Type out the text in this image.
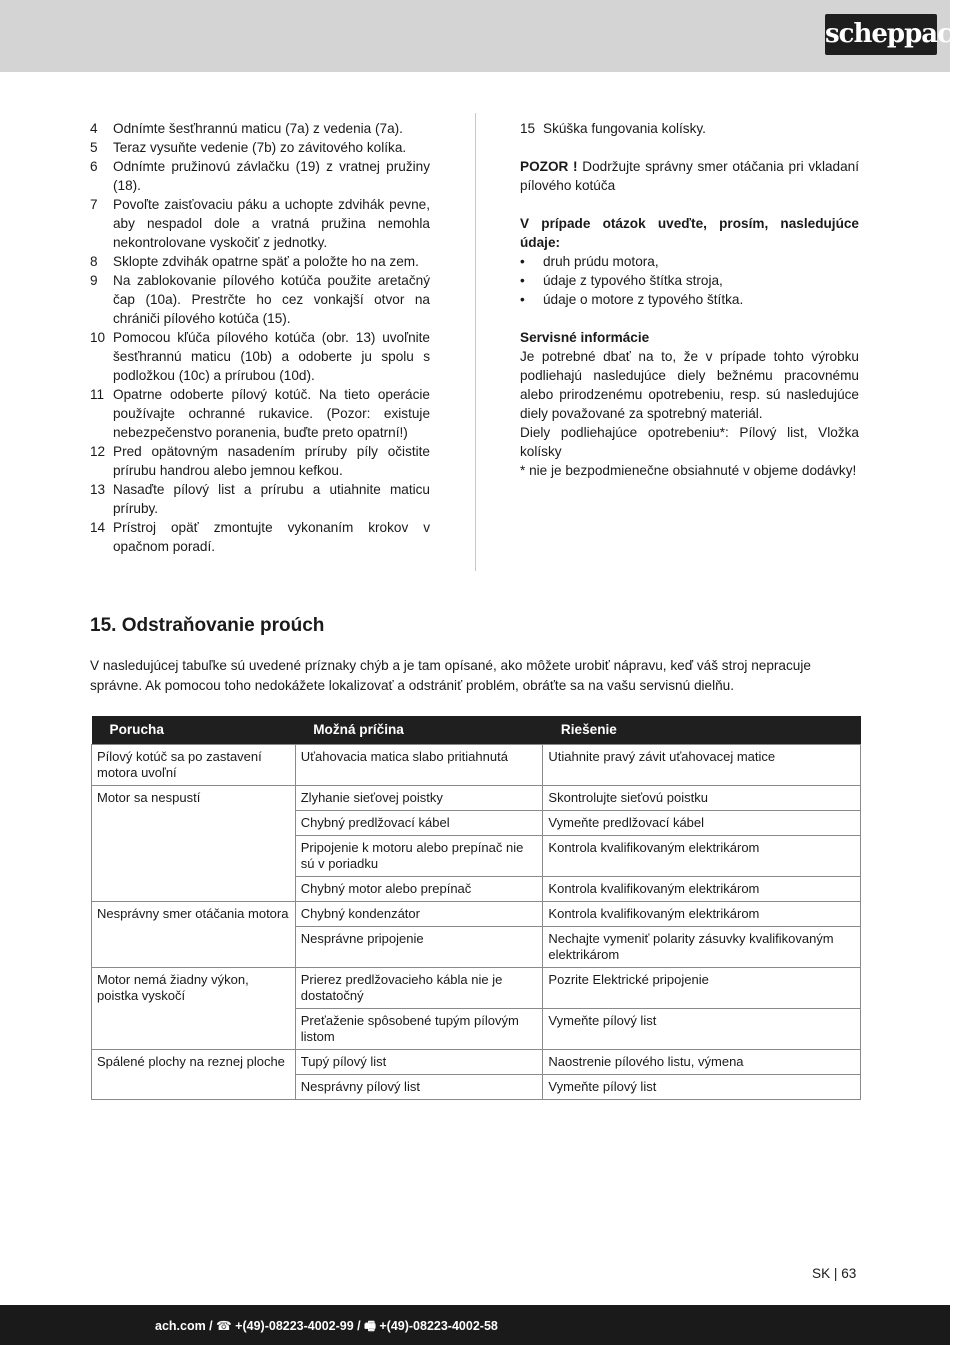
scheppach
4	Odnímte šesťhrannú maticu (7a) z vedenia (7a).
5	Teraz vysuňte vedenie (7b) zo závitového kolíka.
6	Odnímte pružinovú závlačku (19) z vratnej pružiny (18).
7	Povoľte zaisťovaciu páku a uchopte zdvihák pevne, aby nespadol dole a vratná pružina nemohla nekontrolovane vyskočiť z jednotky.
8	Sklopte zdvihák opatrne späť a položte ho na zem.
9	Na zablokovanie pílového kotúča použite aretačný čap (10a). Prestrčte ho cez vonkajší otvor na chrániči pílového kotúča (15).
10 Pomocou kľúča pílového kotúča (obr. 13) uvoľnite šesťhrannú maticu (10b) a odoberte ju spolu s podložkou (10c) a prírubou (10d).
11 Opatrne odoberte pílový kotúč. Na tieto operácie používajte ochranné rukavice. (Pozor: existuje nebezpečenstvo poranenia, buďte preto opatrní!)
12 Pred opätovným nasadením príruby píly očistite prírubu handrou alebo jemnou kefkou.
13 Nasaďte pílový list a prírubu a utiahnite maticu príruby.
14 Prístroj opäť zmontujte vykonaním krokov v opačnom poradí.
15 Skúška fungovania kolísky.

POZOR ! Dodržujte správny smer otáčania pri vkladaní pílového kotúča

V prípade otázok uveďte, prosím, nasledujúce údaje:

•	druh prúdu motora,
•	údaje z typového štítka stroja,
•	údaje o motore z typového štítka.

Servisné informácie

Je potrebné dbať na to, že v prípade tohto výrobku podliehajú nasledujúce diely bežnému pracovnému alebo prirodzenému opotrebeniu, resp. sú nasledujúce diely považované za spotrebný materiál.

Diely podliehajúce opotrebeniu*: Pílový list, Vložka kolísky

* nie je bezpodmienečne obsiahnuté v objeme dodávky!

15. Odstraňovanie proúch
V nasledujúcej tabuľke sú uvedené príznaky chýb a je tam opísané, ako môžete urobiť nápravu, keď váš stroj nepracuje správne. Ak pomocou toho nedokážete lokalizovať a odstrániť problém, obráťte sa na vašu servisnú dielňu.
Porucha	Možná príčina	Riešenie
Pílový kotúč sa po zastavení motora uvoľní	Uťahovacia matica slabo pritiahnutá	Utiahnite pravý závit uťahovacej matice
Motor sa nespustí	Zlyhanie sieťovej poistky	Skontrolujte sieťovú poistku
	Chybný predlžovací kábel	Vymeňte predlžovací kábel
	Pripojenie k motoru alebo prepínač nie sú v poriadku	Kontrola kvalifikovaným elektrikárom
	Chybný motor alebo prepínač	Kontrola kvalifikovaným elektrikárom
Nesprávny smer otáčania motora	Chybný kondenzátor	Kontrola kvalifikovaným elektrikárom
	Nesprávne pripojenie	Nechajte vymeniť polarity zásuvky kvalifikovaným elektrikárom
Motor nemá žiadny výkon, poistka vyskočí	Prierez predlžovacieho kábla nie je dostatočný	Pozrite Elektrické pripojenie
	Preťaženie spôsobené tupým pílovým listom	Vymeňte pílový list
Spálené plochy na reznej ploche	Tupý pílový list	Naostrenie pílového listu, výmena
	Nesprávny pílový list	Vymeňte pílový list
SK | 63
ach.com / ☎ +(49)-08223-4002-99 / 🖷 +(49)-08223-4002-58
